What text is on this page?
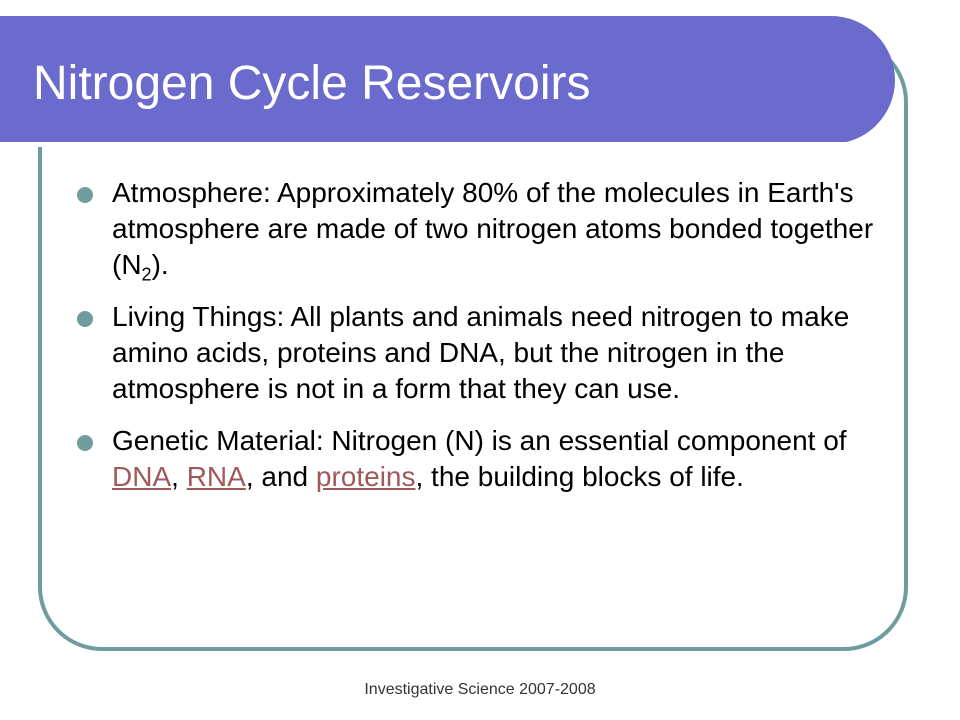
Nitrogen Cycle Reservoirs
Atmosphere: Approximately 80% of the molecules in Earth's atmosphere are made of two nitrogen atoms bonded together $(N_2)$.
Living Things: All plants and animals need nitrogen to make amino acids, proteins and DNA, but the nitrogen in the atmosphere is not in a form that they can use.
Genetic Material: Nitrogen (N) is an essential component of DNA, RNA, and proteins, the building blocks of life.
Investigative Science 2007-2008
